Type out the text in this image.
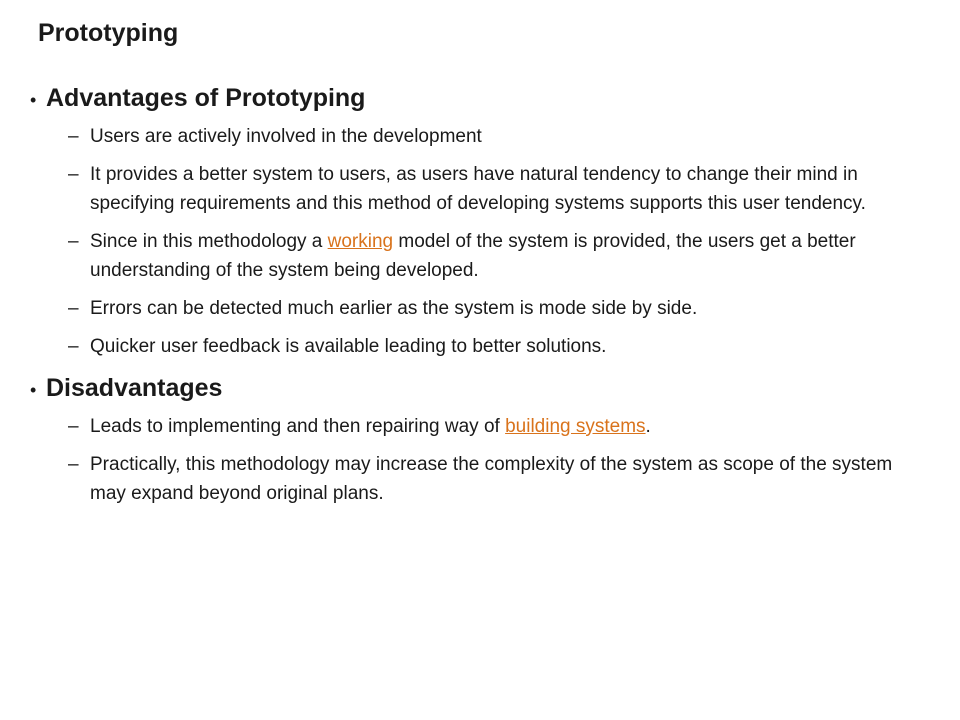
Prototyping
• Advantages of Prototyping
– Users are actively involved in the development
– It provides a better system to users, as users have natural tendency to change their mind in specifying requirements and this method of developing systems supports this user tendency.
– Since in this methodology a working model of the system is provided, the users get a better understanding of the system being developed.
– Errors can be detected much earlier as the system is mode side by side.
– Quicker user feedback is available leading to better solutions.
• Disadvantages
– Leads to implementing and then repairing way of building systems.
– Practically, this methodology may increase the complexity of the system as scope of the system may expand beyond original plans.
